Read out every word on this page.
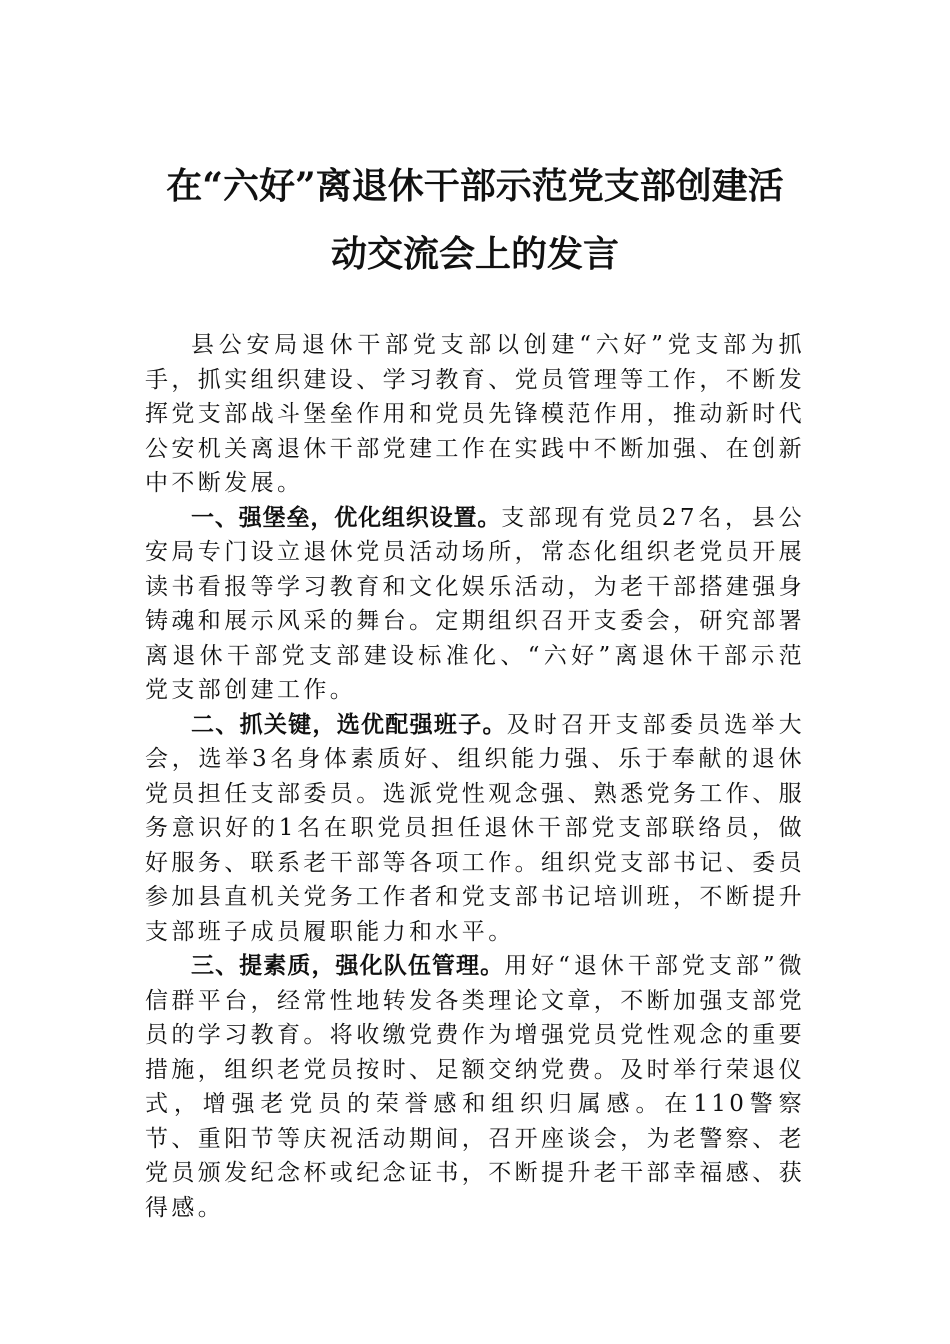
在“六好”离退休干部示范党支部创建活
动交流会上的发言

县公安局退休干部党支部以创建“六好”党支部为抓手，抓实组织建设、学习教育、党员管理等工作，不断发挥党支部战斗堡垒作用和党员先锋模范作用，推动新时代公安机关离退休干部党建工作在实践中不断加强、在创新中不断发展。

一、强堡垒，优化组织设置。支部现有党员27名，县公安局专门设立退休党员活动场所，常态化组织老党员开展读书看报等学习教育和文化娱乐活动，为老干部搭建强身铸魂和展示风采的舞台。定期组织召开支委会，研究部署离退休干部党支部建设标准化、“六好”离退休干部示范党支部创建工作。

二、抓关键，选优配强班子。及时召开支部委员选举大会，选举3名身体素质好、组织能力强、乐于奉献的退休党员担任支部委员。选派党性观念强、熟悉党务工作、服务意识好的1名在职党员担任退休干部党支部联络员，做好服务、联系老干部等各项工作。组织党支部书记、委员参加县直机关党务工作者和党支部书记培训班，不断提升支部班子成员履职能力和水平。

三、提素质，强化队伍管理。用好“退休干部党支部”微信群平台，经常性地转发各类理论文章，不断加强支部党员的学习教育。将收缴党费作为增强党员党性观念的重要措施，组织老党员按时、足额交纳党费。及时举行荣退仪式，增强老党员的荣誉感和组织归属感。在110警察节、重阳节等庆祝活动期间，召开座谈会，为老警察、老党员颁发纪念杯或纪念证书，不断提升老干部幸福感、获得感。
